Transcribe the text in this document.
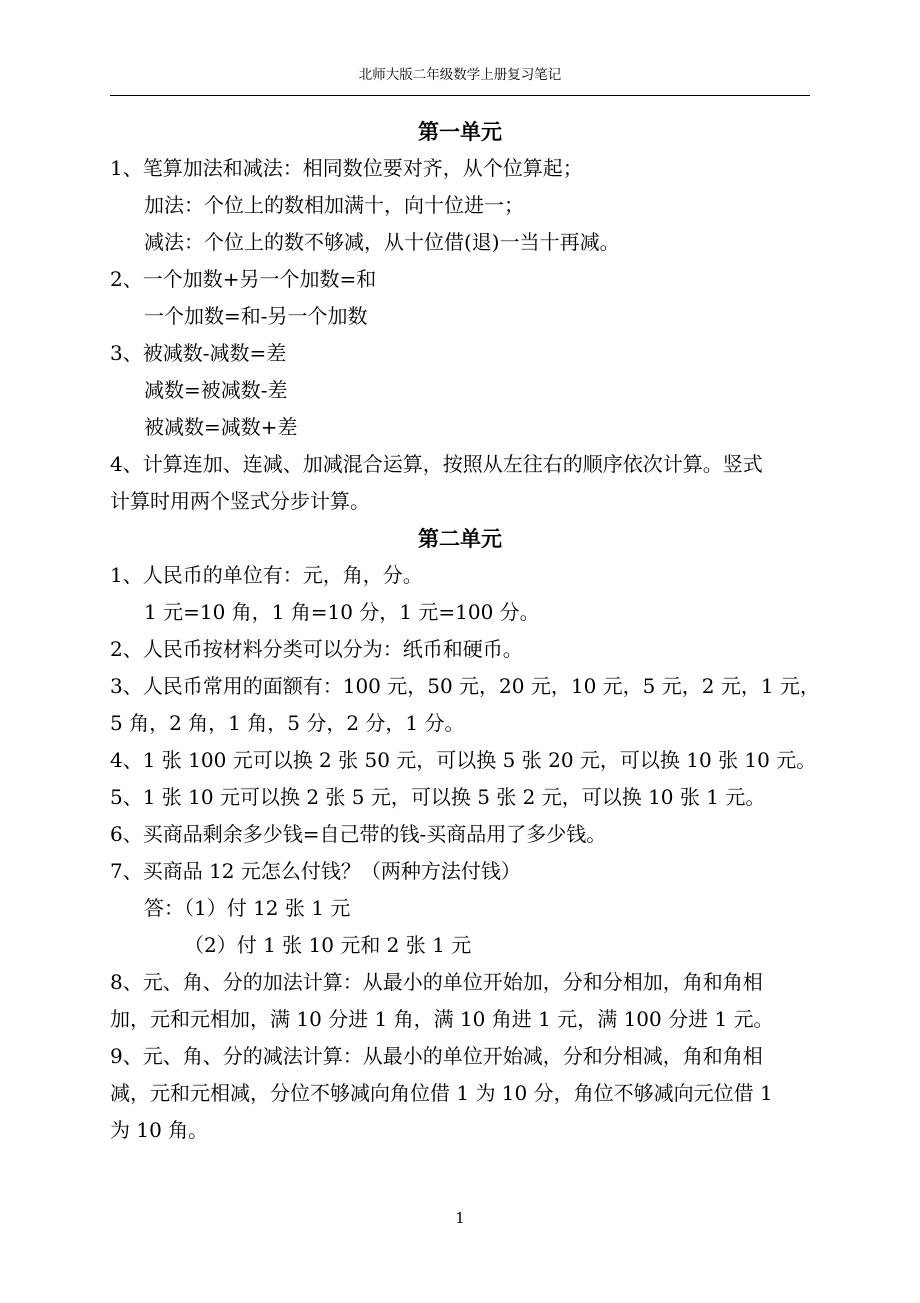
北师大版二年级数学上册复习笔记
第一单元

1、笔算加法和减法：相同数位要对齐，从个位算起；

加法：个位上的数相加满十，向十位进一；

减法：个位上的数不够减，从十位借(退)一当十再减。

2、一个加数+另一个加数=和

一个加数=和-另一个加数

3、被减数-减数=差

减数=被减数-差

被减数=减数+差

4、计算连加、连减、加减混合运算，按照从左往右的顺序依次计算。竖式

计算时用两个竖式分步计算。

第二单元

1、人民币的单位有：元，角，分。

1 元=10 角，1 角=10 分，1 元=100 分。

2、人民币按材料分类可以分为：纸币和硬币。

3、人民币常用的面额有：100 元，50 元，20 元，10 元，5 元，2 元，1 元，

5 角，2 角，1 角，5 分，2 分，1 分。

4、1 张 100 元可以换 2 张 50 元，可以换 5 张 20 元，可以换 10 张 10 元。

5、1 张 10 元可以换 2 张 5 元，可以换 5 张 2 元，可以换 10 张 1 元。

6、买商品剩余多少钱=自己带的钱-买商品用了多少钱。

7、买商品 12 元怎么付钱？（两种方法付钱）

答：（1）付 12 张 1 元

（2）付 1 张 10 元和 2 张 1 元

8、元、角、分的加法计算：从最小的单位开始加，分和分相加，角和角相

加，元和元相加，满 10 分进 1 角，满 10 角进 1 元，满 100 分进 1 元。

9、元、角、分的减法计算：从最小的单位开始减，分和分相减，角和角相

减，元和元相减，分位不够减向角位借 1 为 10 分，角位不够减向元位借 1

为 10 角。

1
